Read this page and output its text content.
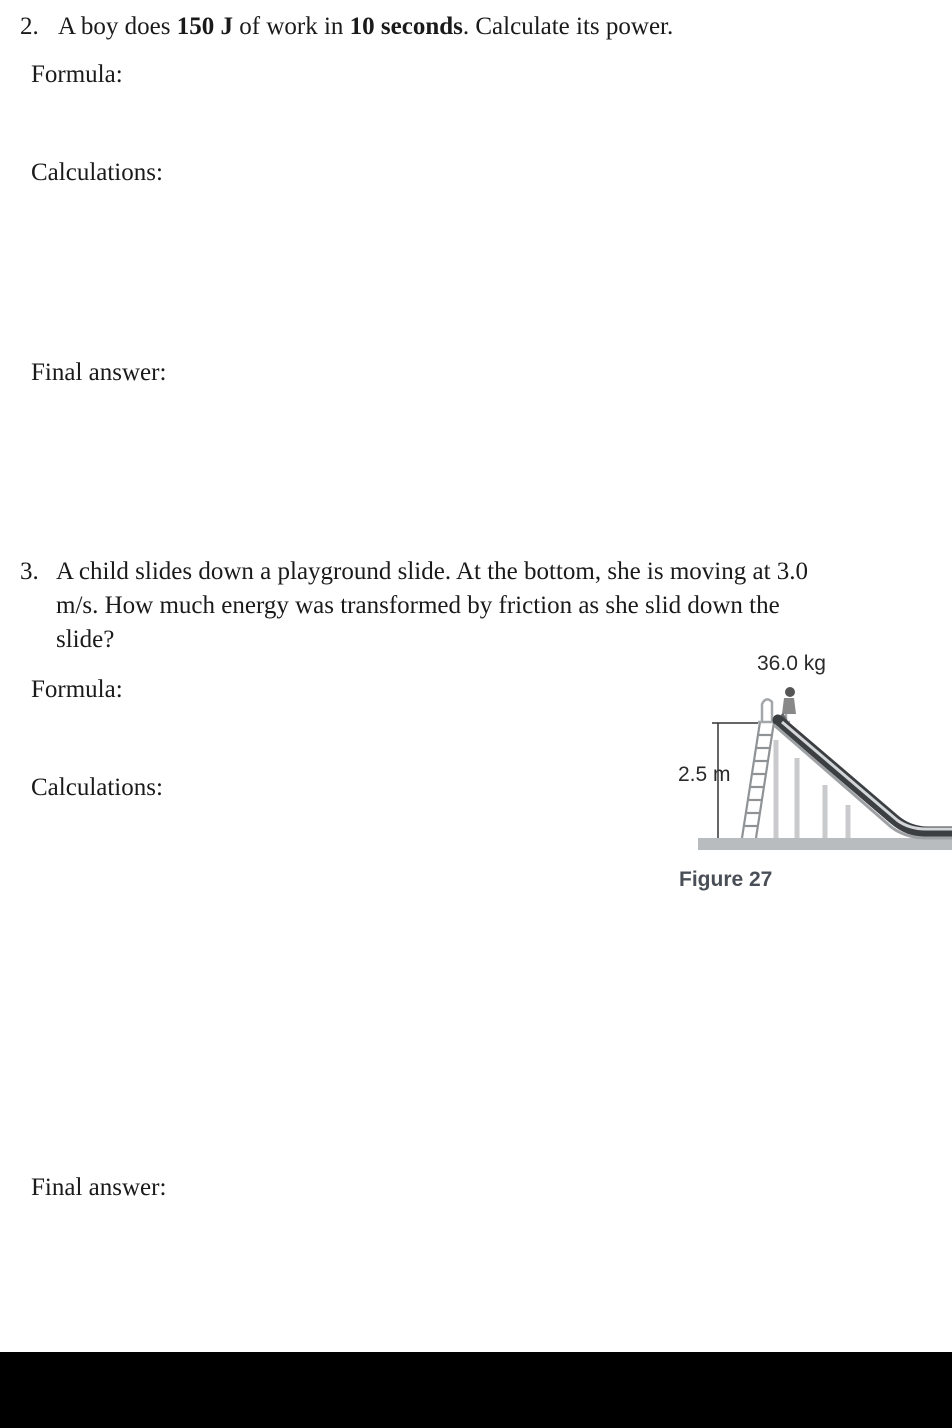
2. A boy does 150 J of work in 10 seconds. Calculate its power.

Formula:

Calculations:

Final answer:

3. A child slides down a playground slide. At the bottom, she is moving at 3.0
m/s. How much energy was transformed by friction as she slid down the
slide?

Formula:

Calculations:

Final answer:

36.0 kg
2.5 m
Figure 27
